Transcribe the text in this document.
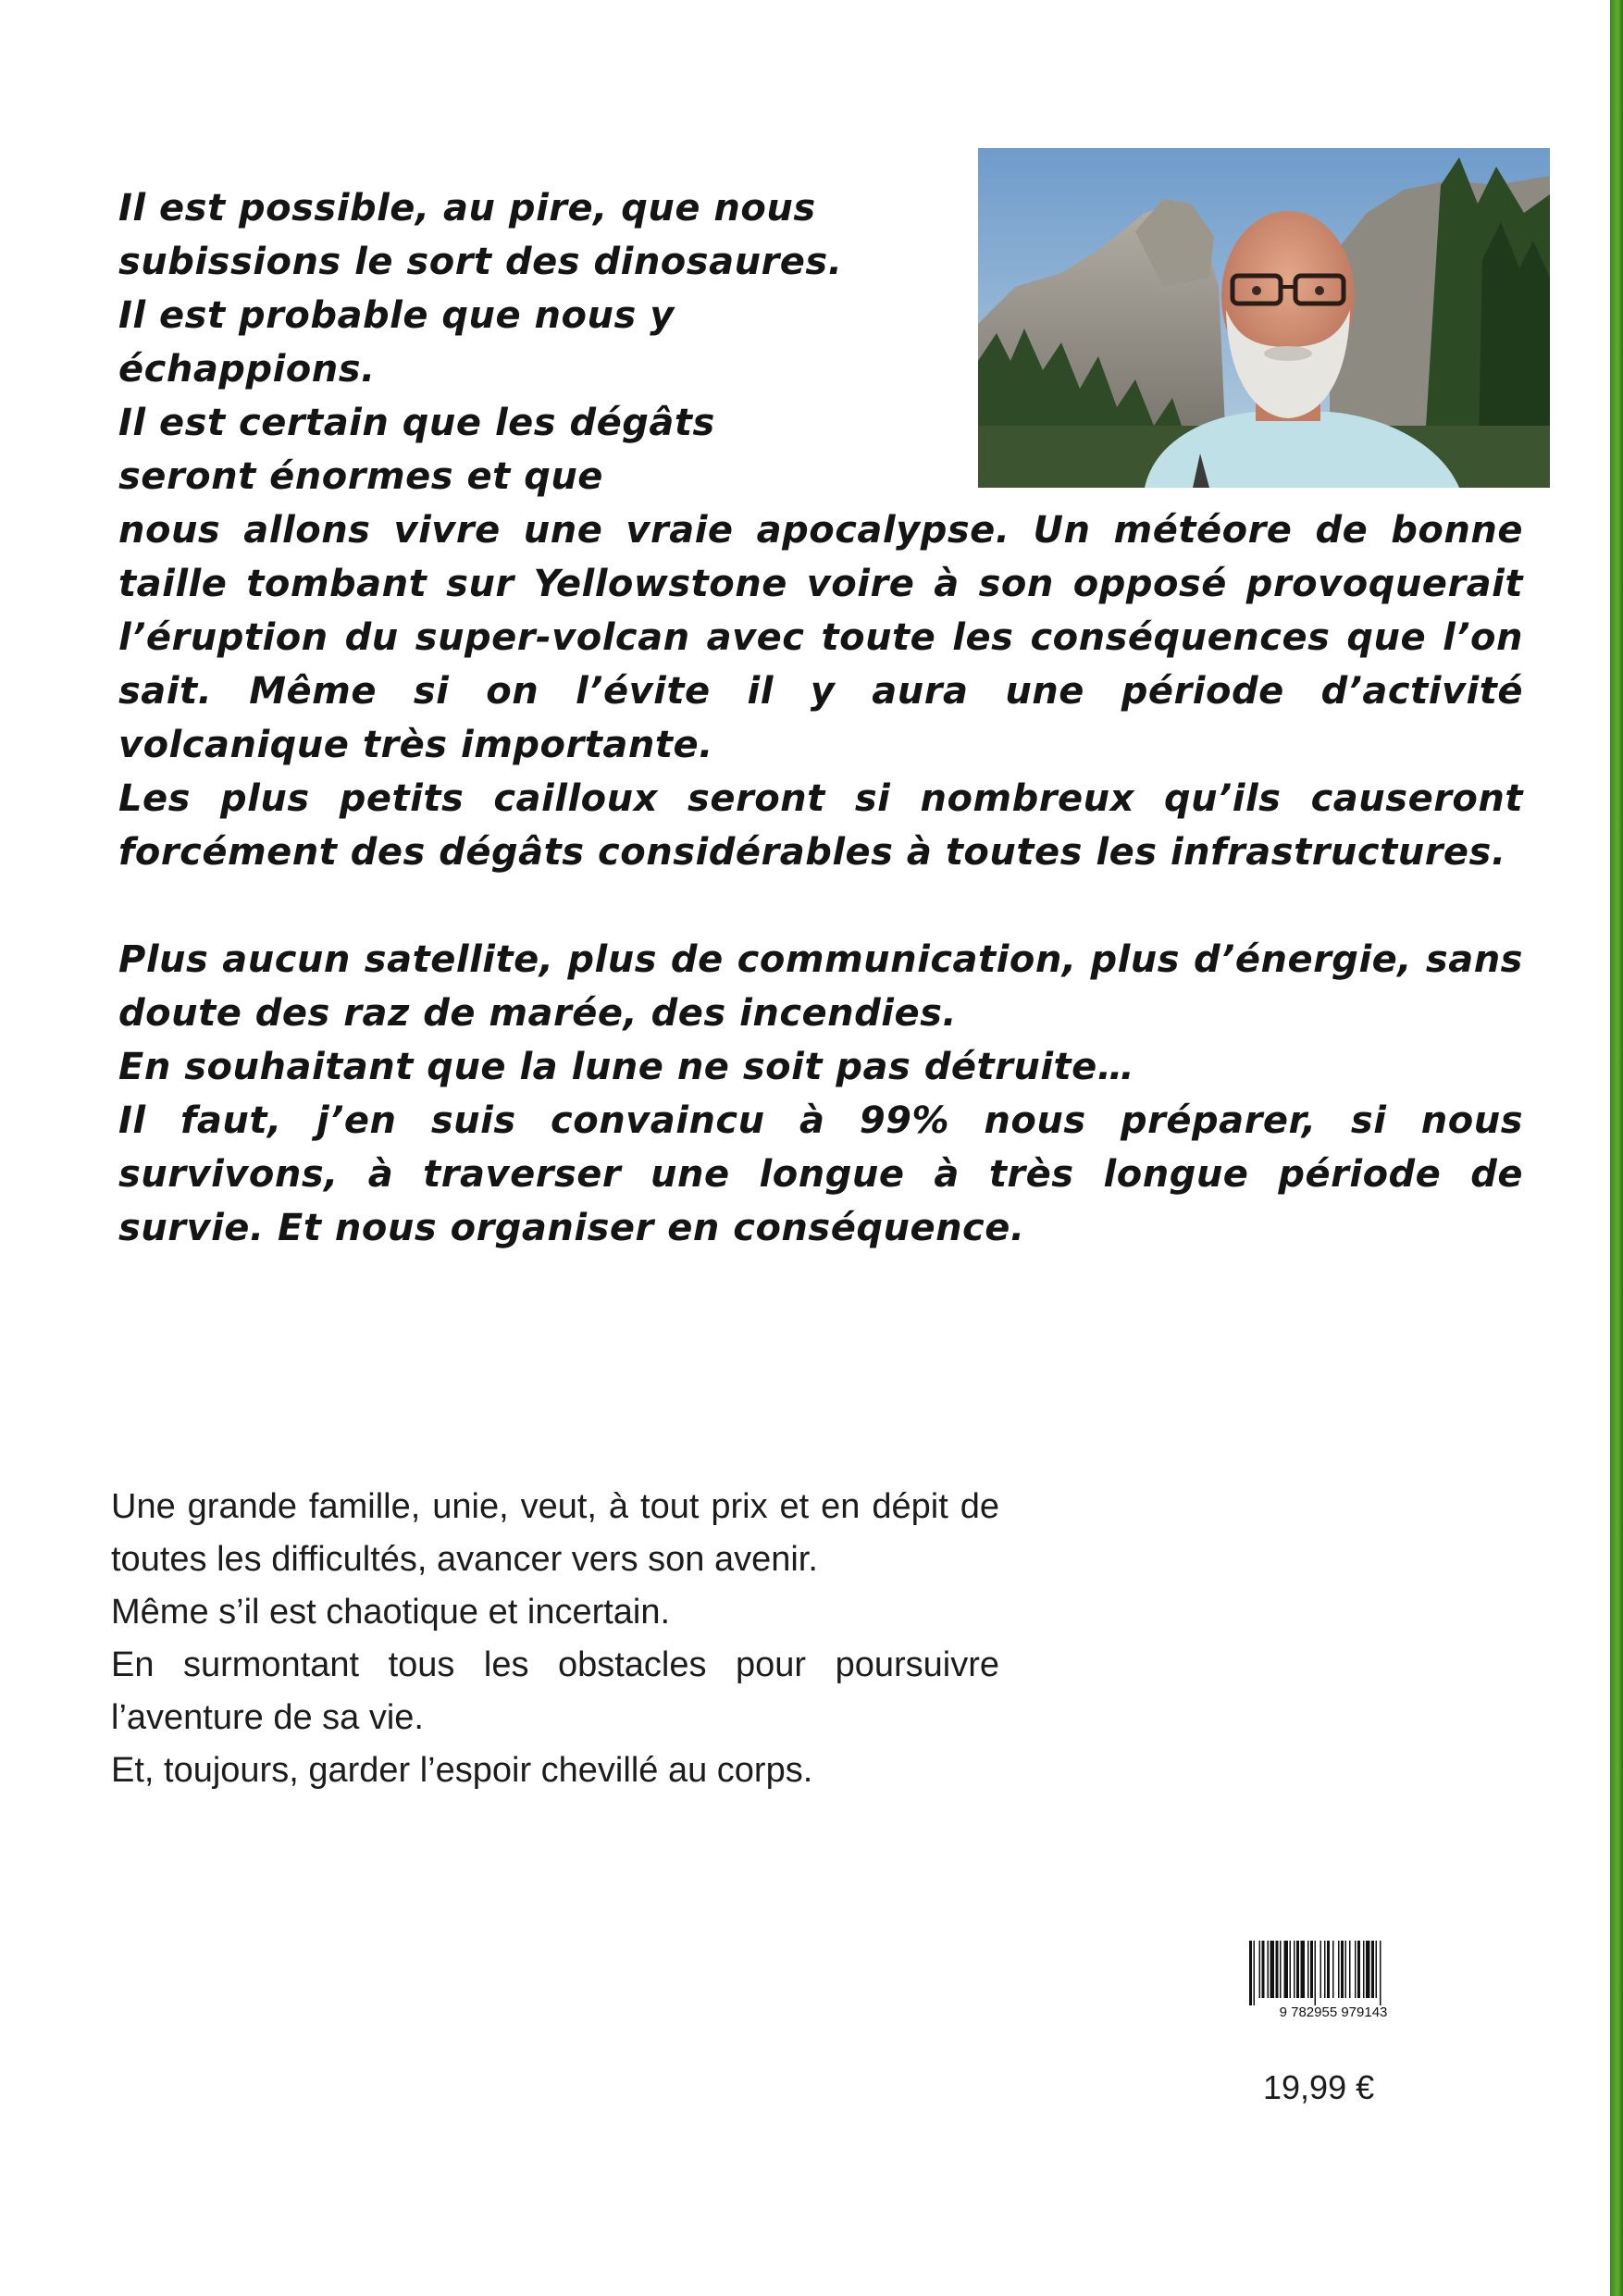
Il est possible, au pire, que nous
subissions le sort des dinosaures.
Il est probable que nous y
échappions.
Il est certain que les dégâts
seront énormes et que
nous allons vivre une vraie apocalypse. Un météore de bonne taille tombant sur Yellowstone voire à son opposé provoquerait l’éruption du super-volcan avec toute les conséquences que l’on sait. Même si on l’évite il y aura une période d’activité volcanique très importante.
Les plus petits cailloux seront si nombreux qu’ils causeront forcément des dégâts considérables à toutes les infrastructures.
Plus aucun satellite, plus de communication, plus d’énergie, sans doute des raz de marée, des incendies.
En souhaitant que la lune ne soit pas détruite…
Il faut, j’en suis convaincu à 99% nous préparer, si nous survivons, à traverser une longue à très longue période de survie. Et nous organiser en conséquence.
Une grande famille, unie, veut, à tout prix et en dépit de toutes les difficultés, avancer vers son avenir.
Même s’il est chaotique et incertain.
En surmontant tous les obstacles pour poursuivre l’aventure de sa vie.
Et, toujours, garder l’espoir chevillé au corps.
9 782955 979143
19,99 €
